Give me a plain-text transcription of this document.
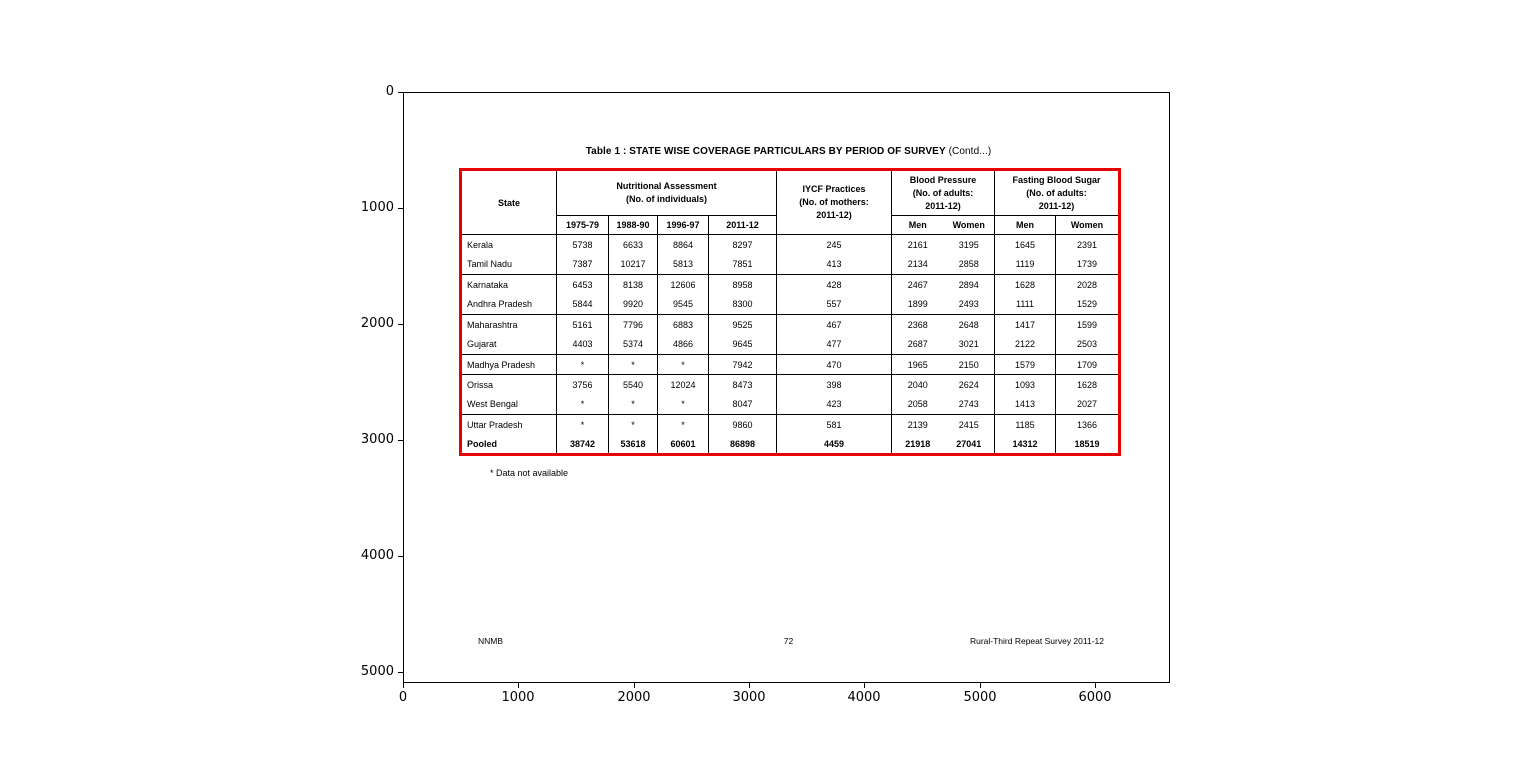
0
1000
2000
3000
4000
5000
0	1000	2000	3000	4000	5000	6000
Table 1 : STATE WISE COVERAGE PARTICULARS BY PERIOD OF SURVEY (Contd...)
State	
Nutritional Assessment
(No. of individuals)

IYCF Practices
(No. of mothers:
2011-12)

Blood Pressure
(No. of adults:
2011-12)

Fasting Blood Sugar
(No. of adults:
2011-12)

	1975-79	1988-90	1996-97	2011-12		Men	Women	Men	Women
Kerala	5738	6633	8864	8297	245	2161	3195	1645	2391
Tamil Nadu	7387	10217	5813	7851	413	2134	2858	1119	1739
Karnataka	6453	8138	12606	8958	428	2467	2894	1628	2028
Andhra Pradesh	5844	9920	9545	8300	557	1899	2493	1111	1529
Maharashtra	5161	7796	6883	9525	467	2368	2648	1417	1599
Gujarat	4403	5374	4866	9645	477	2687	3021	2122	2503
Madhya Pradesh	*	*	*	7942	470	1965	2150	1579	1709
Orissa	3756	5540	12024	8473	398	2040	2624	1093	1628
West Bengal	*	*	*	8047	423	2058	2743	1413	2027
Uttar Pradesh	*	*	*	9860	581	2139	2415	1185	1366
Pooled	38742	53618	60601	86898	4459	21918	27041	14312	18519
* Data not available
72
NNMB	Rural-Third Repeat Survey 2011-12
